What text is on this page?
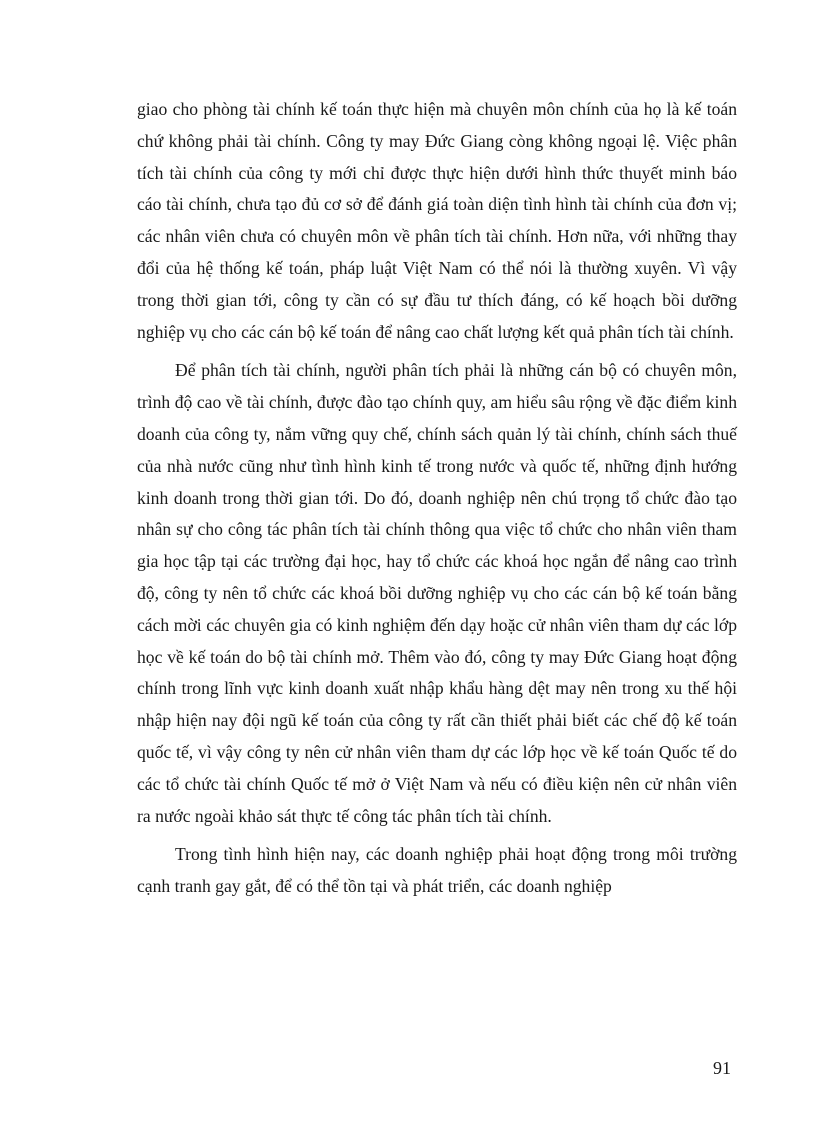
giao cho phòng tài chính kế toán thực hiện mà chuyên môn chính của họ là kế toán chứ không phải tài chính. Công ty may Đức Giang còng không ngoại lệ. Việc phân tích tài chính của công ty mới chỉ được thực hiện dưới hình thức thuyết minh báo cáo tài chính, chưa tạo đủ cơ sở để đánh giá toàn diện tình hình tài chính của đơn vị; các nhân viên chưa có chuyên môn về phân tích tài chính. Hơn nữa, với những thay đổi của hệ thống kế toán, pháp luật Việt Nam có thể nói là thường xuyên. Vì vậy trong thời gian tới, công ty cần có sự đầu tư thích đáng, có kế hoạch bồi dưỡng nghiệp vụ cho các cán bộ kế toán để nâng cao chất lượng kết quả phân tích tài chính.

Để phân tích tài chính, người phân tích phải là những cán bộ có chuyên môn, trình độ cao về tài chính, được đào tạo chính quy, am hiểu sâu rộng về đặc điểm kinh doanh của công ty, nắm vững quy chế, chính sách quản lý tài chính, chính sách thuế của nhà nước cũng như tình hình kinh tế trong nước và quốc tế, những định hướng kinh doanh trong thời gian tới. Do đó, doanh nghiệp nên chú trọng tổ chức đào tạo nhân sự cho công tác phân tích tài chính thông qua việc tổ chức cho nhân viên tham gia học tập tại các trường đại học, hay tổ chức các khoá học ngắn để nâng cao trình độ, công ty nên tổ chức các khoá bồi dưỡng nghiệp vụ cho các cán bộ kế toán bằng cách mời các chuyên gia có kinh nghiệm đến dạy hoặc cử nhân viên tham dự các lớp học về kế toán do bộ tài chính mở. Thêm vào đó, công ty may Đức Giang hoạt động chính trong lĩnh vực kinh doanh xuất nhập khẩu hàng dệt may nên trong xu thế hội nhập hiện nay đội ngũ kế toán của công ty rất cần thiết phải biết các chế độ kế toán quốc tế, vì vậy công ty nên cử nhân viên tham dự các lớp học về kế toán Quốc tế do các tổ chức tài chính Quốc tế mở ở Việt Nam và nếu có điều kiện nên cử nhân viên ra nước ngoài khảo sát thực tế công tác phân tích tài chính.

Trong tình hình hiện nay, các doanh nghiệp phải hoạt động trong môi trường cạnh tranh gay gắt, để có thể tồn tại và phát triển, các doanh nghiệp

91
